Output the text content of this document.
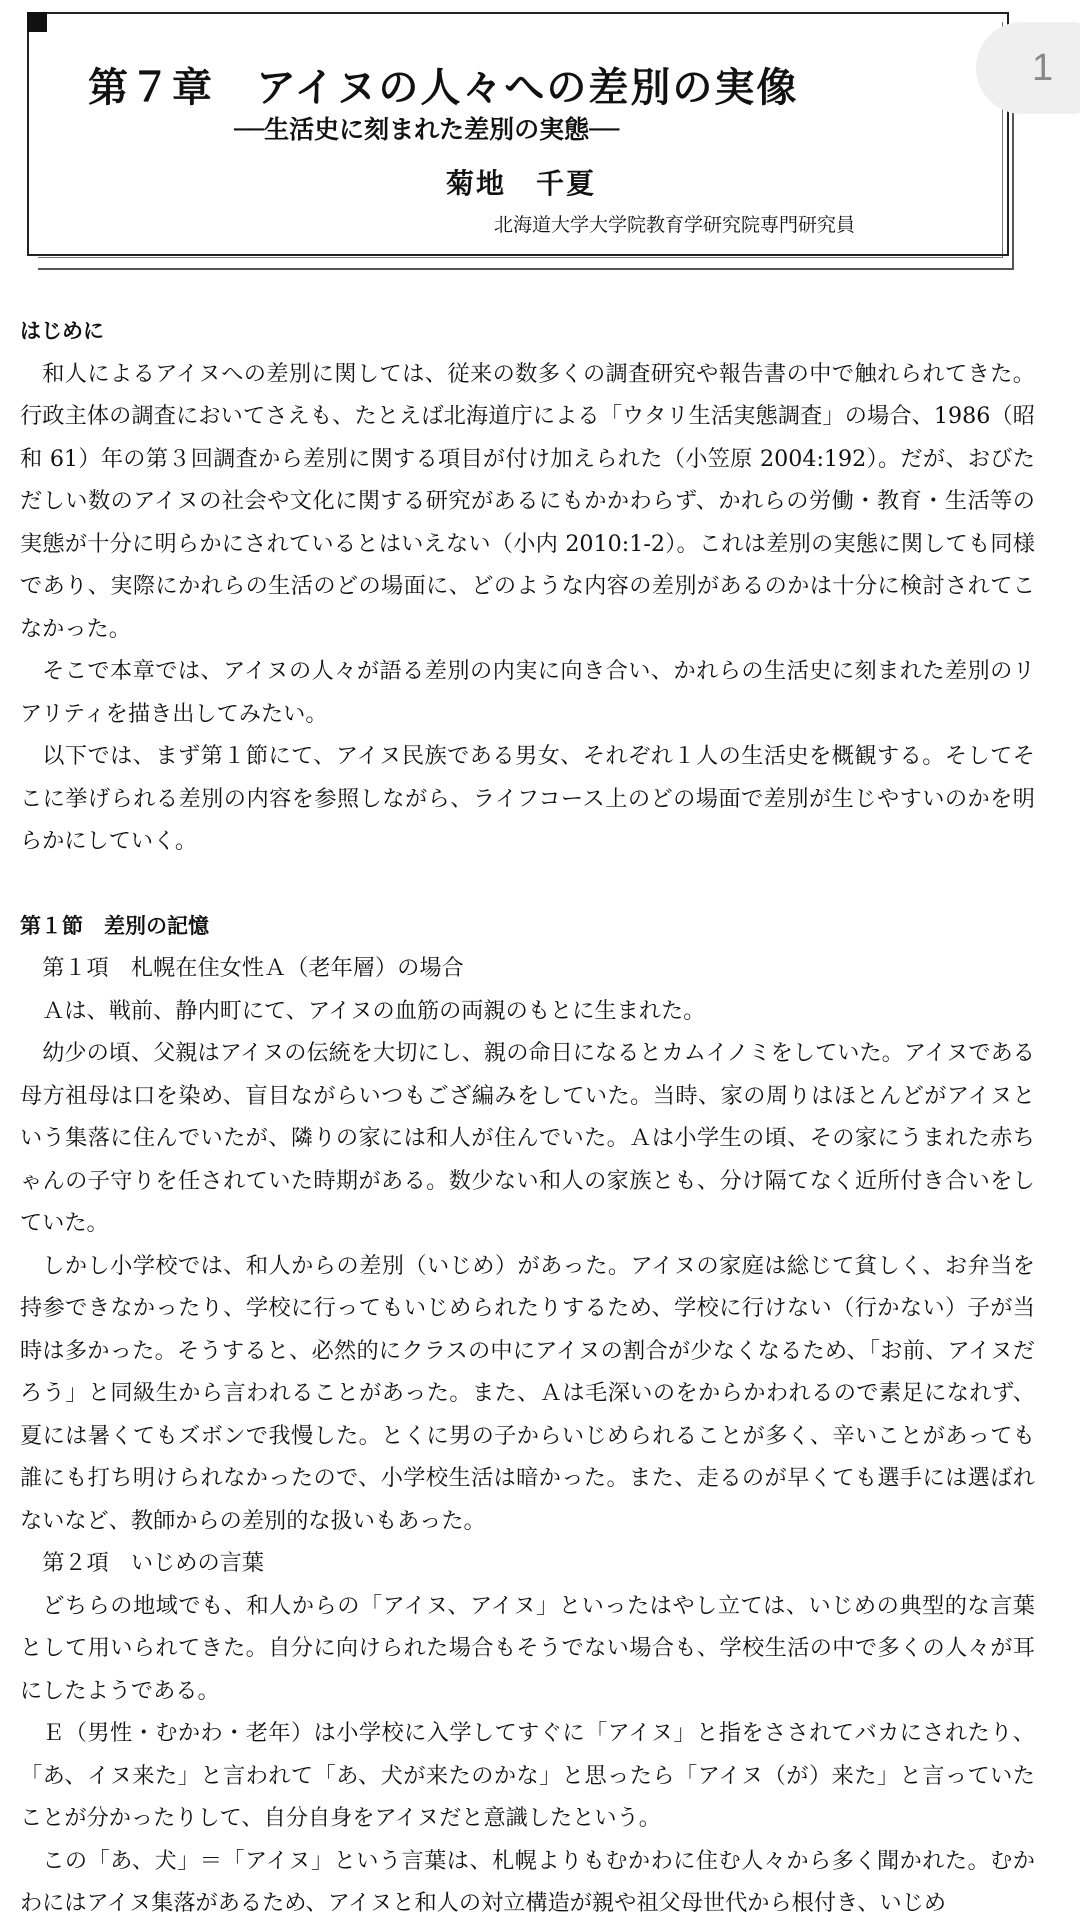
第７章　アイヌの人々への差別の実像
──生活史に刻まれた差別の実態──
菊地　千夏
北海道大学大学院教育学研究院専門研究員
1

はじめに

和人によるアイヌへの差別に関しては、従来の数多くの調査研究や報告書の中で触れられてきた。行政主体の調査においてさえも、たとえば北海道庁による「ウタリ生活実態調査」の場合、1986（昭和 61）年の第３回調査から差別に関する項目が付け加えられた（小笠原 2004:192）。だが、おびただしい数のアイヌの社会や文化に関する研究があるにもかかわらず、かれらの労働・教育・生活等の実態が十分に明らかにされているとはいえない（小内 2010:1-2）。これは差別の実態に関しても同様であり、実際にかれらの生活のどの場面に、どのような内容の差別があるのかは十分に検討されてこなかった。

そこで本章では、アイヌの人々が語る差別の内実に向き合い、かれらの生活史に刻まれた差別のリアリティを描き出してみたい。

以下では、まず第１節にて、アイヌ民族である男女、それぞれ１人の生活史を概観する。そしてそこに挙げられる差別の内容を参照しながら、ライフコース上のどの場面で差別が生じやすいのかを明らかにしていく。

第１節　差別の記憶

第１項　札幌在住女性Ａ（老年層）の場合

Ａは、戦前、静内町にて、アイヌの血筋の両親のもとに生まれた。

幼少の頃、父親はアイヌの伝統を大切にし、親の命日になるとカムイノミをしていた。アイヌである母方祖母は口を染め、盲目ながらいつもござ編みをしていた。当時、家の周りはほとんどがアイヌという集落に住んでいたが、隣りの家には和人が住んでいた。Ａは小学生の頃、その家にうまれた赤ちゃんの子守りを任されていた時期がある。数少ない和人の家族とも、分け隔てなく近所付き合いをしていた。

しかし小学校では、和人からの差別（いじめ）があった。アイヌの家庭は総じて貧しく、お弁当を持参できなかったり、学校に行ってもいじめられたりするため、学校に行けない（行かない）子が当時は多かった。そうすると、必然的にクラスの中にアイヌの割合が少なくなるため、「お前、アイヌだろう」と同級生から言われることがあった。また、Ａは毛深いのをからかわれるので素足になれず、夏には暑くてもズボンで我慢した。とくに男の子からいじめられることが多く、辛いことがあっても誰にも打ち明けられなかったので、小学校生活は暗かった。また、走るのが早くても選手には選ばれないなど、教師からの差別的な扱いもあった。

第２項　いじめの言葉

どちらの地域でも、和人からの「アイヌ、アイヌ」といったはやし立ては、いじめの典型的な言葉として用いられてきた。自分に向けられた場合もそうでない場合も、学校生活の中で多くの人々が耳にしたようである。

Ｅ（男性・むかわ・老年）は小学校に入学してすぐに「アイヌ」と指をさされてバカにされたり、「あ、イヌ来た」と言われて「あ、犬が来たのかな」と思ったら「アイヌ（が）来た」と言っていたことが分かったりして、自分自身をアイヌだと意識したという。

この「あ、犬」＝「アイヌ」という言葉は、札幌よりもむかわに住む人々から多く聞かれた。むかわにはアイヌ集落があるため、アイヌと和人の対立構造が親や祖父母世代から根付き、いじめ
